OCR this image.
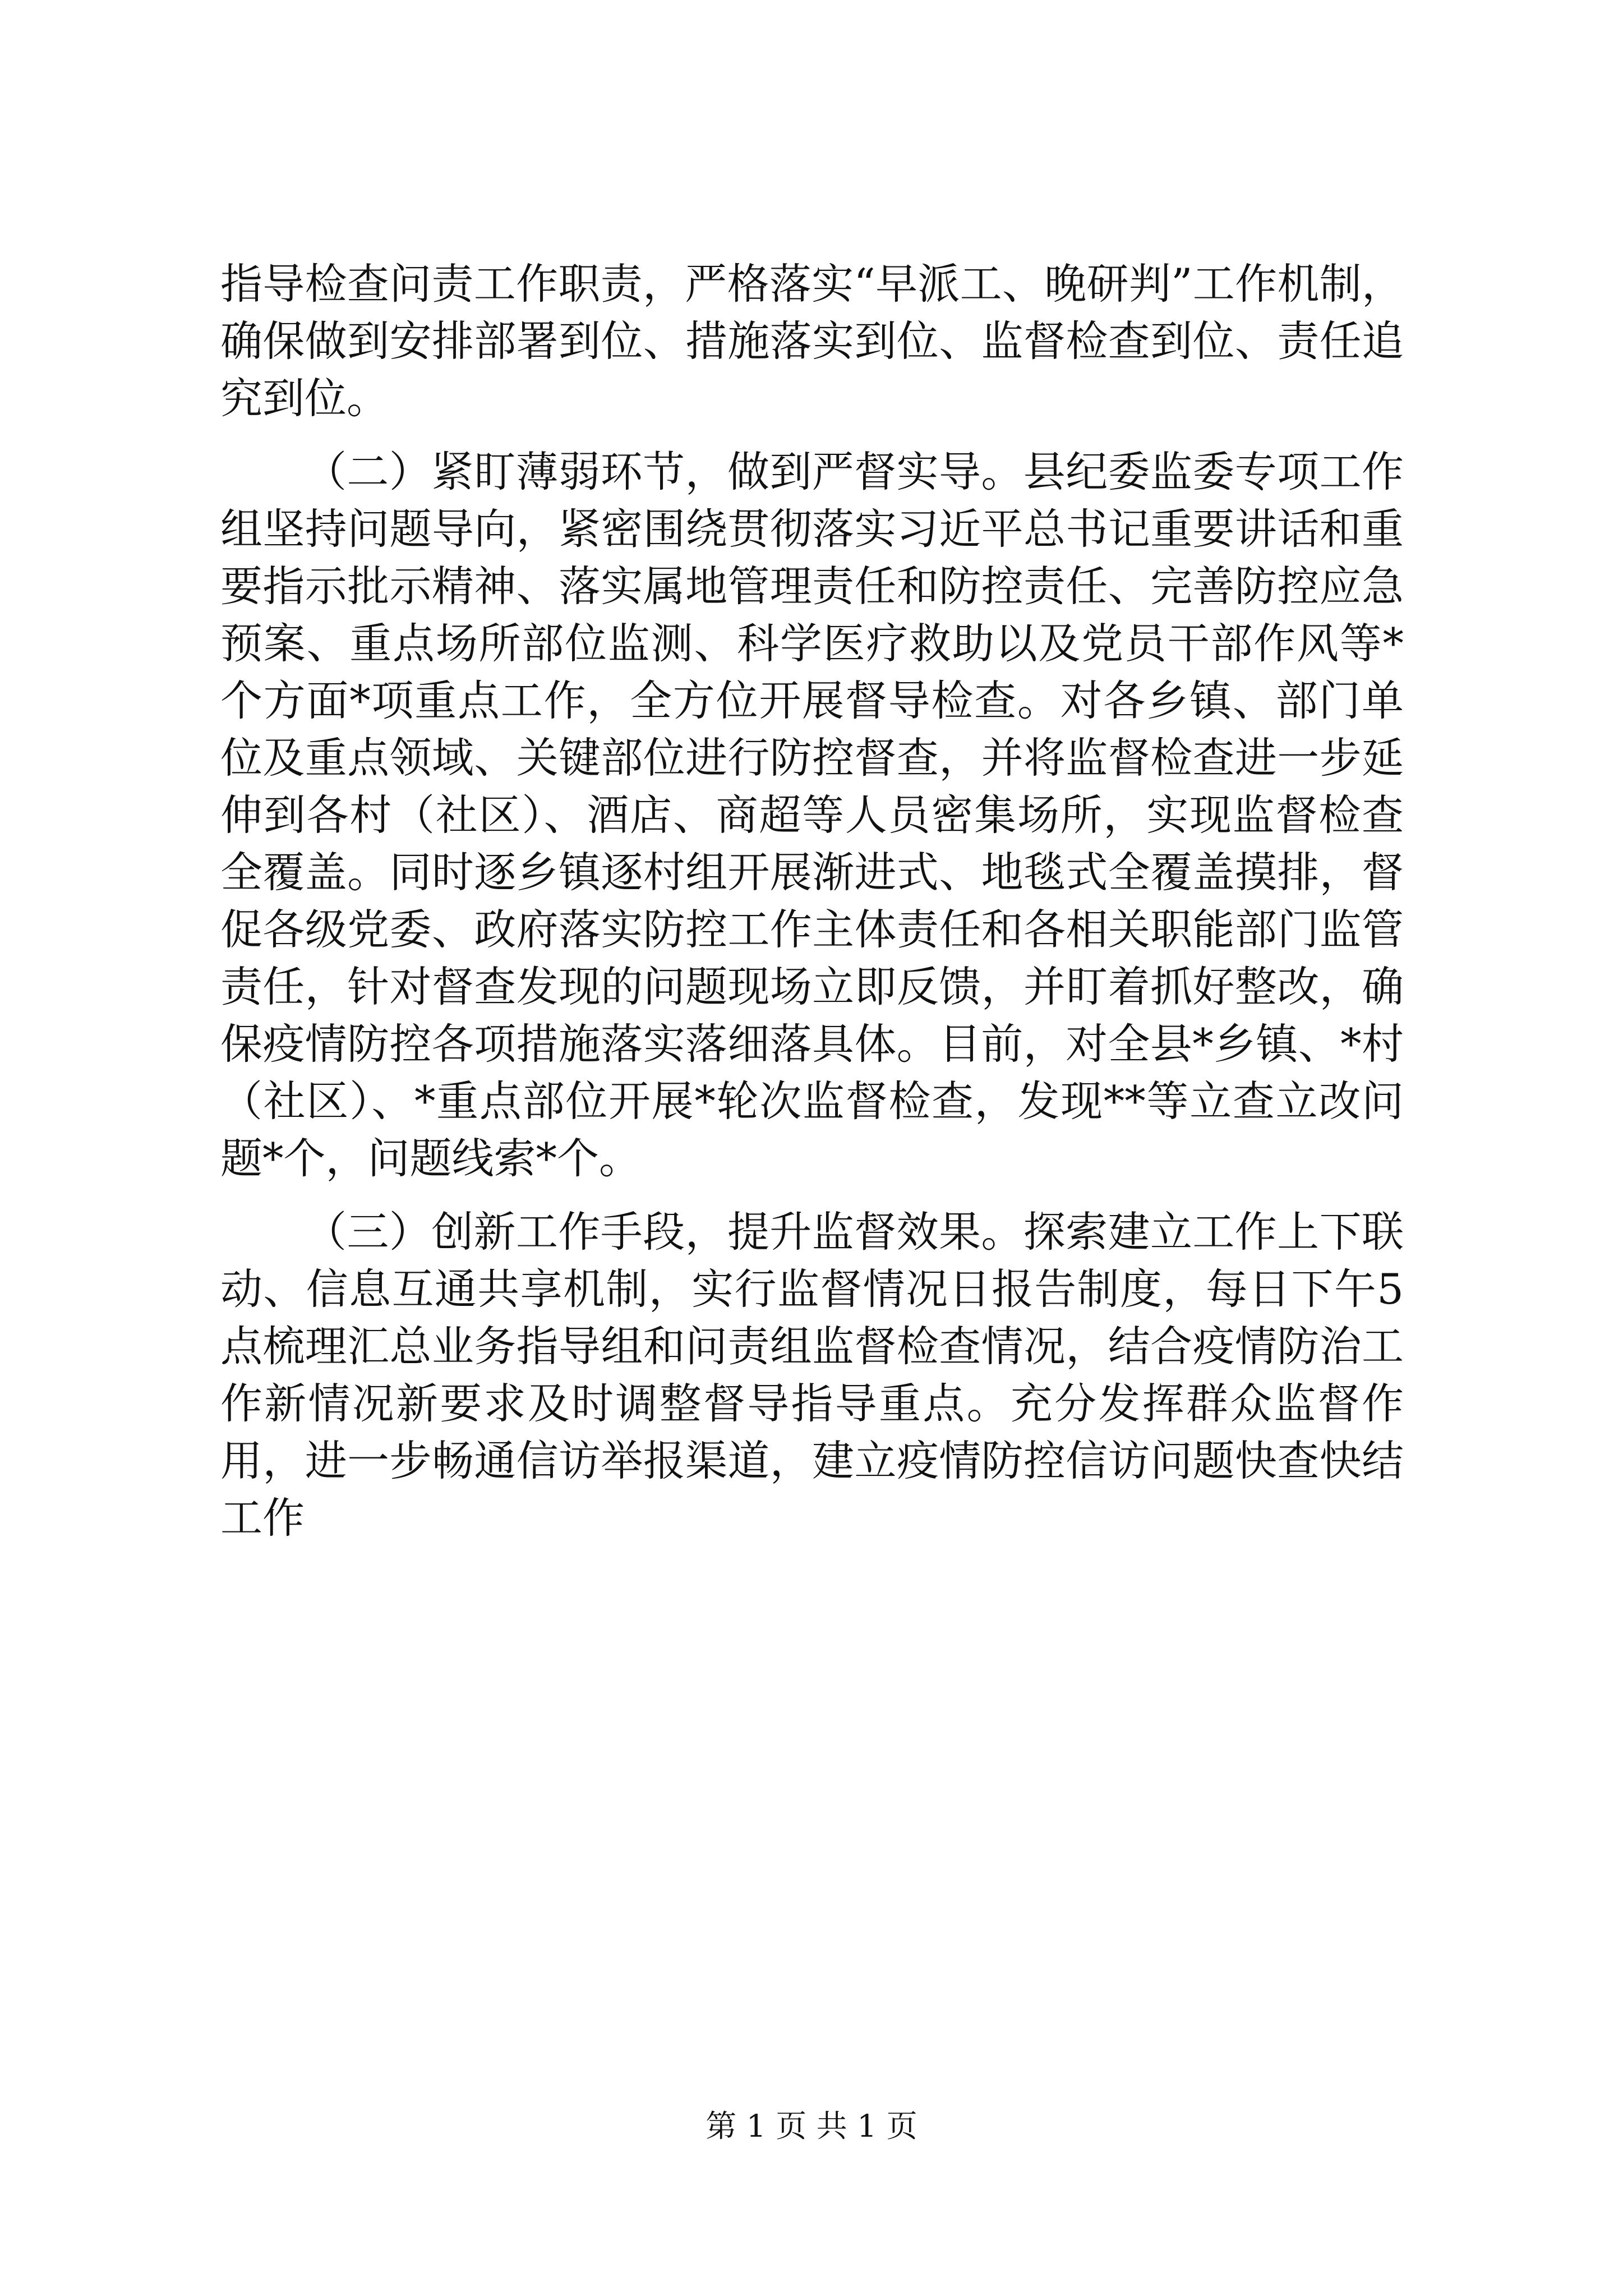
指导检查问责工作职责，严格落实“早派工、晚研判”工作机制，确保做到安排部署到位、措施落实到位、监督检查到位、责任追究到位。

（二）紧盯薄弱环节，做到严督实导。县纪委监委专项工作组坚持问题导向，紧密围绕贯彻落实习近平总书记重要讲话和重要指示批示精神、落实属地管理责任和防控责任、完善防控应急预案、重点场所部位监测、科学医疗救助以及党员干部作风等*个方面*项重点工作，全方位开展督导检查。对各乡镇、部门单位及重点领域、关键部位进行防控督查，并将监督检查进一步延伸到各村（社区）、酒店、商超等人员密集场所，实现监督检查全覆盖。同时逐乡镇逐村组开展渐进式、地毯式全覆盖摸排，督促各级党委、政府落实防控工作主体责任和各相关职能部门监管责任，针对督查发现的问题现场立即反馈，并盯着抓好整改，确保疫情防控各项措施落实落细落具体。目前，对全县*乡镇、*村（社区）、*重点部位开展*轮次监督检查，发现**等立查立改问题*个，问题线索*个。

（三）创新工作手段，提升监督效果。探索建立工作上下联动、信息互通共享机制，实行监督情况日报告制度，每日下午5点梳理汇总业务指导组和问责组监督检查情况，结合疫情防治工作新情况新要求及时调整督导指导重点。充分发挥群众监督作用，进一步畅通信访举报渠道，建立疫情防控信访问题快查快结工作

第 1 页 共 1 页
